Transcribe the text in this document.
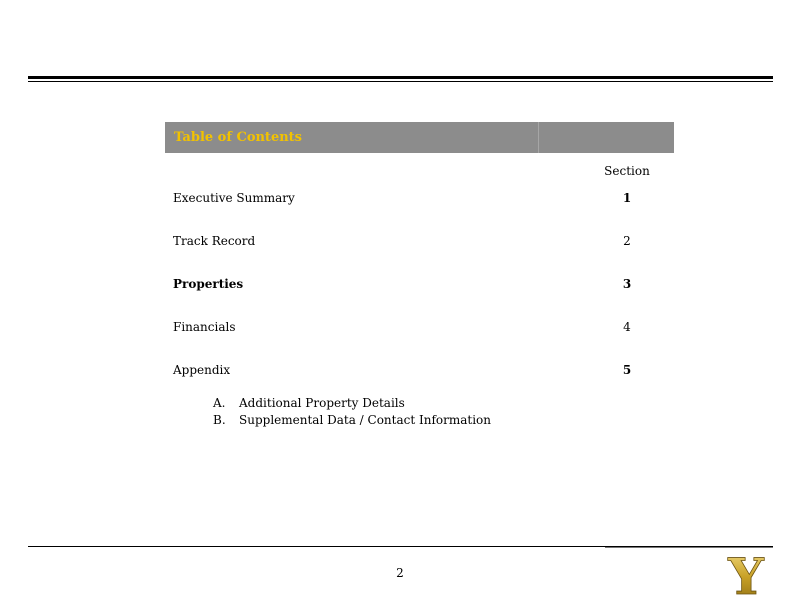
Table of Contents
Section
Executive Summary	1
Track Record	2
Properties	3
Financials	4
Appendix	5
A. Additional Property Details
B. Supplemental Data / Contact Information
2	Y
